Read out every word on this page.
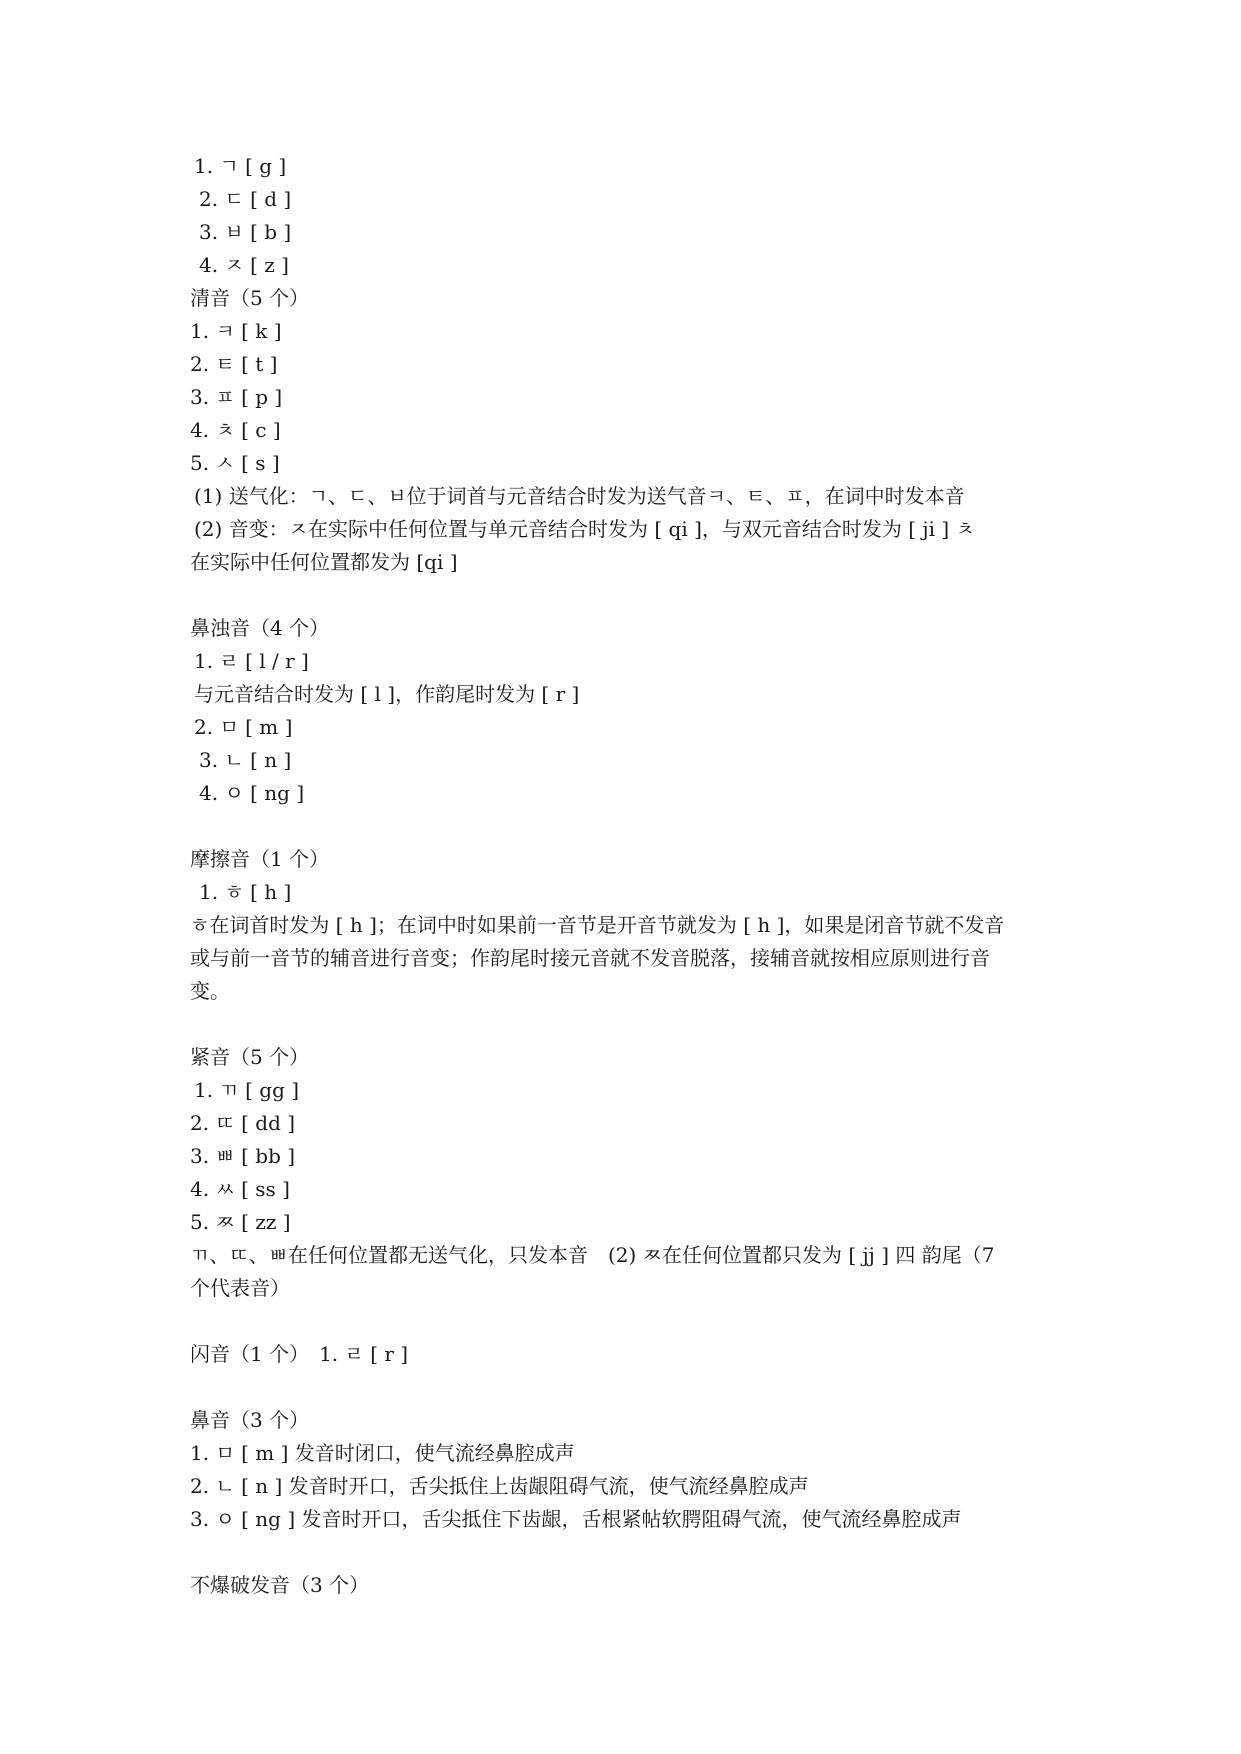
1. ㄱ [ g ]
2. ㄷ [ d ]
3. ㅂ [ b ]
4. ㅈ [ z ]
清音（5 个）
1. ㅋ [ k ]
2. ㅌ [ t ]
3. ㅍ [ p ]
4. ㅊ [ c ]
5. ㅅ [ s ]
(1) 送气化：ㄱ、ㄷ、ㅂ位于词首与元音结合时发为送气音ㅋ、ㅌ、ㅍ，在词中时发本音
(2) 音变：ㅈ在实际中任何位置与单元音结合时发为 [ qi ]，与双元音结合时发为 [ ji ] ㅊ
在实际中任何位置都发为 [qi ]
鼻浊音（4 个）
1. ㄹ [ l / r ]
与元音结合时发为 [ l ]，作韵尾时发为 [ r ]
2. ㅁ [ m ]
3. ㄴ [ n ]
4. ㅇ [ ng ]
摩擦音（1 个）
1. ㅎ [ h ]
ㅎ在词首时发为 [ h ]；在词中时如果前一音节是开音节就发为 [ h ]，如果是闭音节就不发音
或与前一音节的辅音进行音变；作韵尾时接元音就不发音脱落，接辅音就按相应原则进行音
变。
紧音（5 个）
1. ㄲ [ gg ]
2. ㄸ [ dd ]
3. ㅃ [ bb ]
4. ㅆ [ ss ]
5. ㅉ [ zz ]
ㄲ、ㄸ、ㅃ在任何位置都无送气化，只发本音　(2) ㅉ在任何位置都只发为 [ jj ] 四 韵尾（7
个代表音）
闪音（1 个）　1. ㄹ [ r ]
鼻音（3 个）
1. ㅁ [ m ] 发音时闭口，使气流经鼻腔成声
2. ㄴ [ n ] 发音时开口，舌尖抵住上齿龈阻碍气流，使气流经鼻腔成声
3. ㅇ [ ng ] 发音时开口，舌尖抵住下齿龈，舌根紧帖软腭阻碍气流，使气流经鼻腔成声
不爆破发音（3 个）
